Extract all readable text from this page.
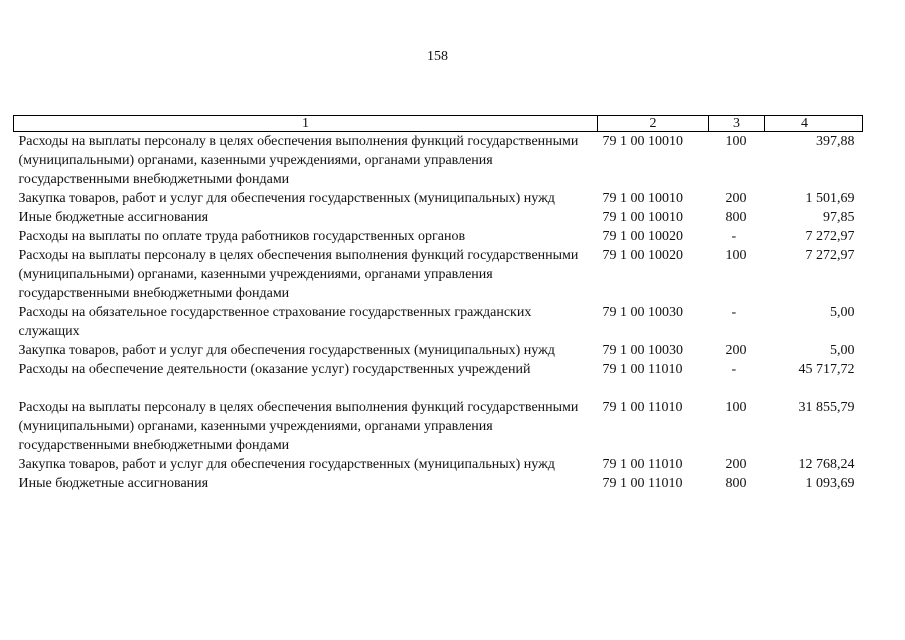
158
1	2	3	4
Расходы на выплаты персоналу в целях обеспечения выполнения функций государственными (муниципальными) органами, казенными учреждениями, органами управления государственными внебюджетными фондами	79 1 00 10010	100	397,88
Закупка товаров, работ и услуг для обеспечения государственных (муниципальных) нужд	79 1 00 10010	200	1 501,69
Иные бюджетные ассигнования	79 1 00 10010	800	97,85
Расходы на выплаты по оплате труда работников государственных органов	79 1 00 10020	-	7 272,97
Расходы на выплаты персоналу в целях обеспечения выполнения функций государственными (муниципальными) органами, казенными учреждениями, органами управления государственными внебюджетными фондами	79 1 00 10020	100	7 272,97
Расходы на обязательное государственное страхование государственных гражданских служащих	79 1 00 10030	-	5,00
Закупка товаров, работ и услуг для обеспечения государственных (муниципальных) нужд	79 1 00 10030	200	5,00
Расходы на обеспечение деятельности (оказание услуг) государственных учреждений	79 1 00 11010	-	45 717,72

Расходы на выплаты персоналу в целях обеспечения выполнения функций государственными (муниципальными) органами, казенными учреждениями, органами управления государственными внебюджетными фондами	79 1 00 11010	100	31 855,79
Закупка товаров, работ и услуг для обеспечения государственных (муниципальных) нужд	79 1 00 11010	200	12 768,24
Иные бюджетные ассигнования	79 1 00 11010	800	1 093,69
